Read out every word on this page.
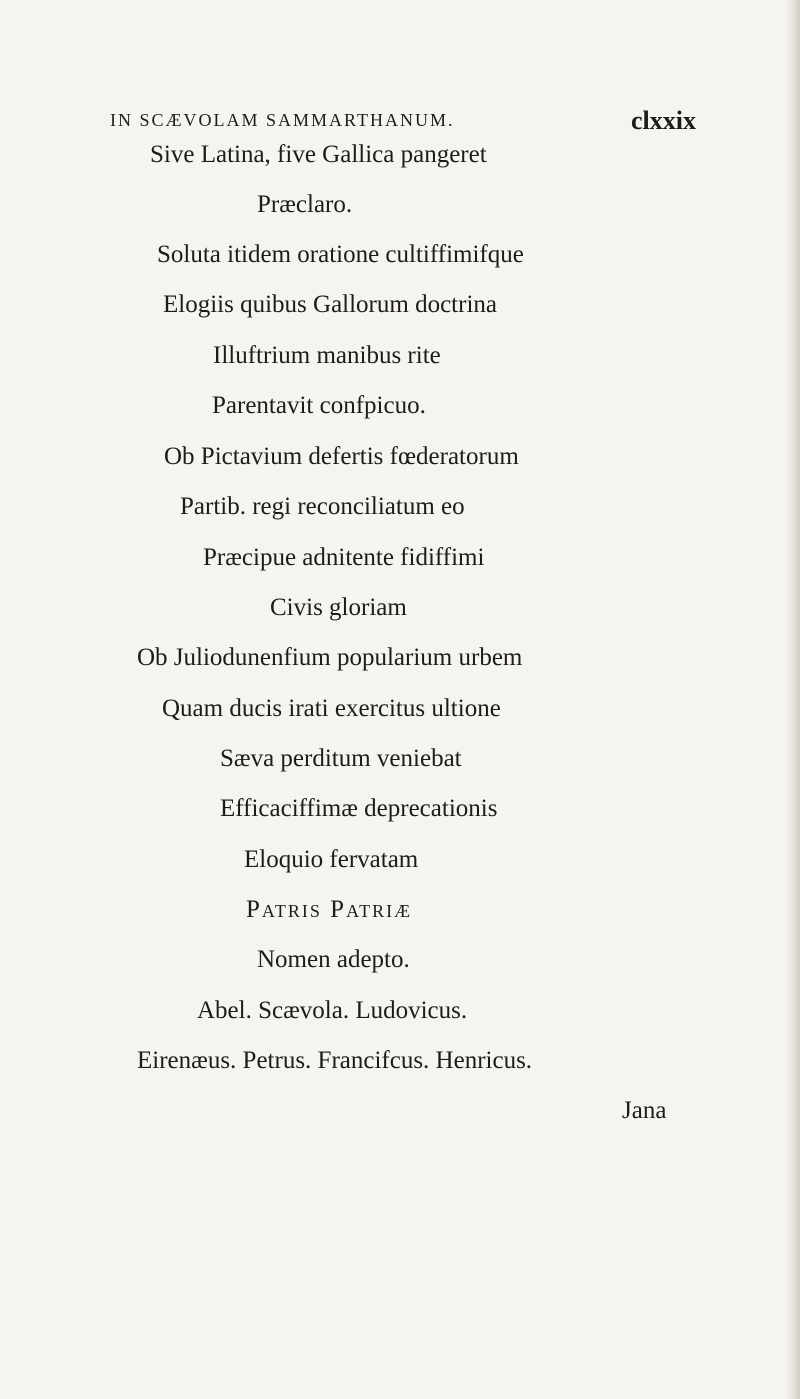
IN SCÆVOLAM SAMMARTHANUM.	clxxix
Sive Latina, five Gallica pangeret
Præclaro.
Soluta itidem oratione cultiffimifque
Elogiis quibus Gallorum doctrina
Illuftrium manibus rite
Parentavit confpicuo.
Ob Pictavium defertis fœderatorum
Partib. regi reconciliatum eo
Præcipue adnitente fidiffimi
Civis gloriam
Ob Juliodunenfium popularium urbem
Quam ducis irati exercitus ultione
Sæva perditum veniebat
Efficaciffimæ deprecationis
Eloquio fervatam
Patris Patriæ
Nomen adepto.
Abel. Scævola. Ludovicus.
Eirenæus. Petrus. Francifcus. Henricus.
Jana
